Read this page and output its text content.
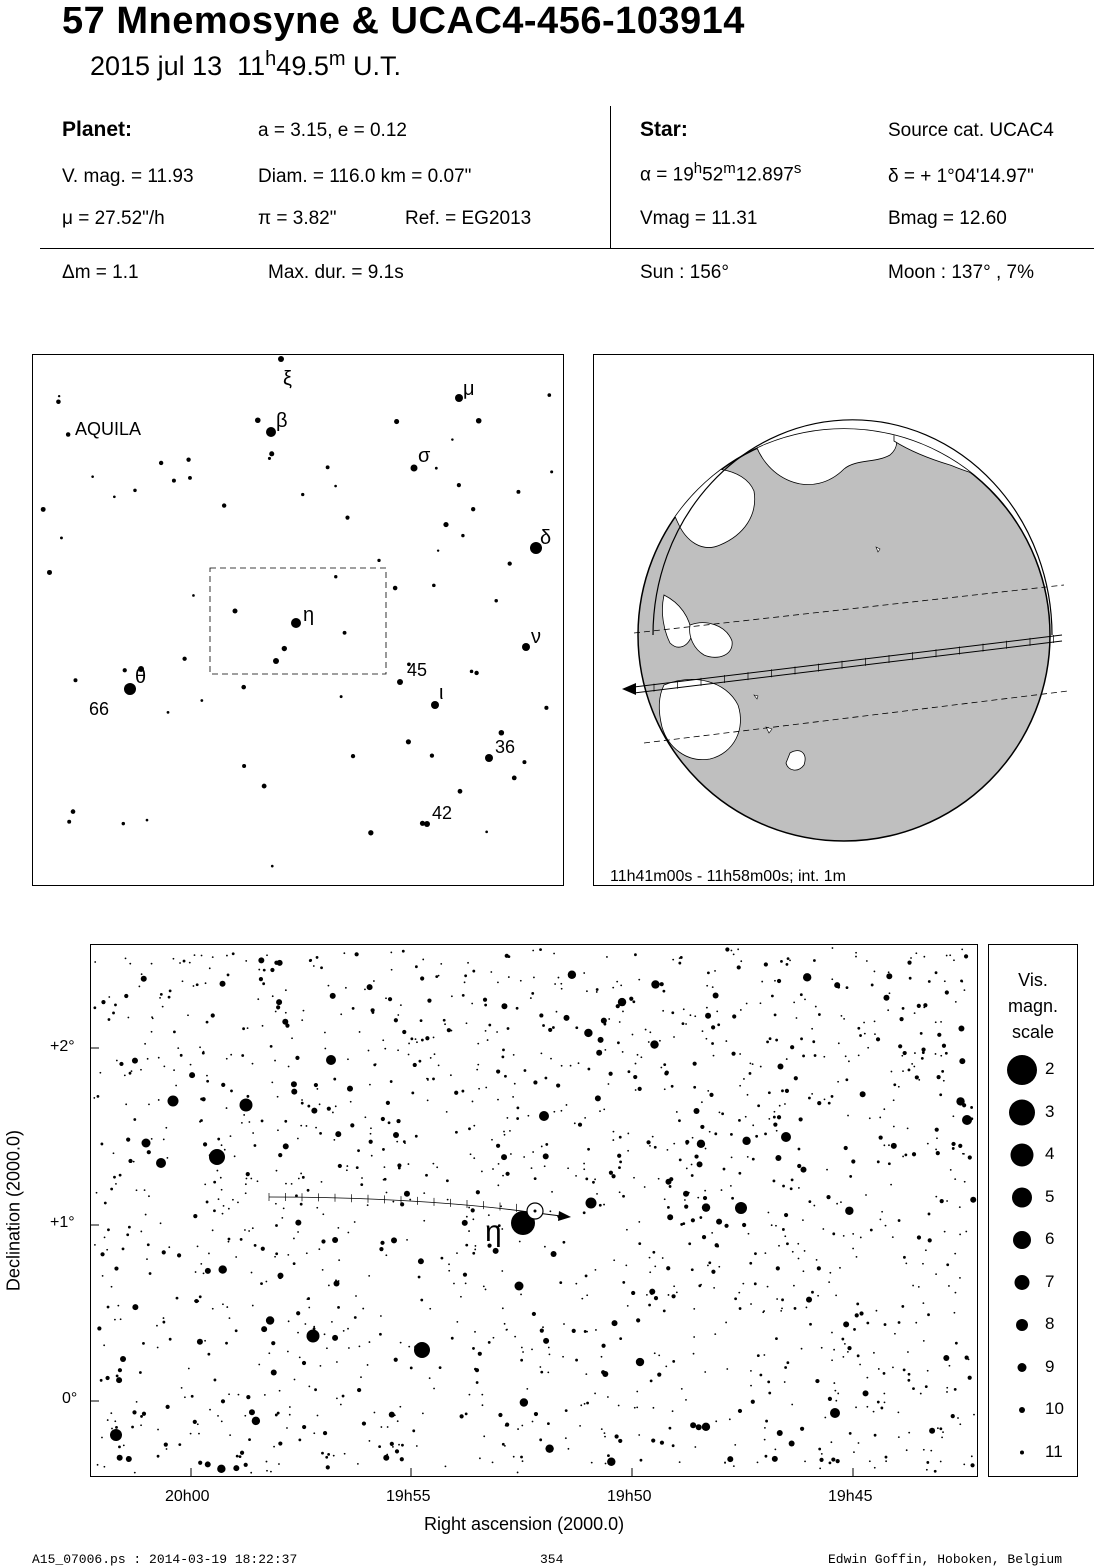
57 Mnemosyne & UCAC4-456-103914
2015 jul 13 11$^h$49.5$^m$ U.T.
Planet:	a = 3.15, e = 0.12
V. mag. = 11.93	Diam. = 116.0 km = 0.07"
μ = 27.52"/h	π = 3.82"	Ref. = EG2013
Star:	Source cat. UCAC4
$\alpha = 19^h52^m12.897^s$	δ = + 1°04'14.97"
Vmag = 11.31	Bmag = 12.60
Δm = 1.1	Max. dur. = 9.1s	Sun : 156°	Moon : 137° , 7%
AQUILA
ξ	μ
β
σ
δ
η
ν
θ
66
45
ι
36
42
11h41m00s - 11h58m00s; int. 1m
η
+2°
+1°
0°
20h00	19h55	19h50	19h45
Right ascension (2000.0)
Declination (2000.0)
Vis.
magn.
scale
2
3
4
5
6
7
8
9
10
11
A15_07006.ps : 2014-03-19 18:22:37	354	Edwin Goffin, Hoboken, Belgium
